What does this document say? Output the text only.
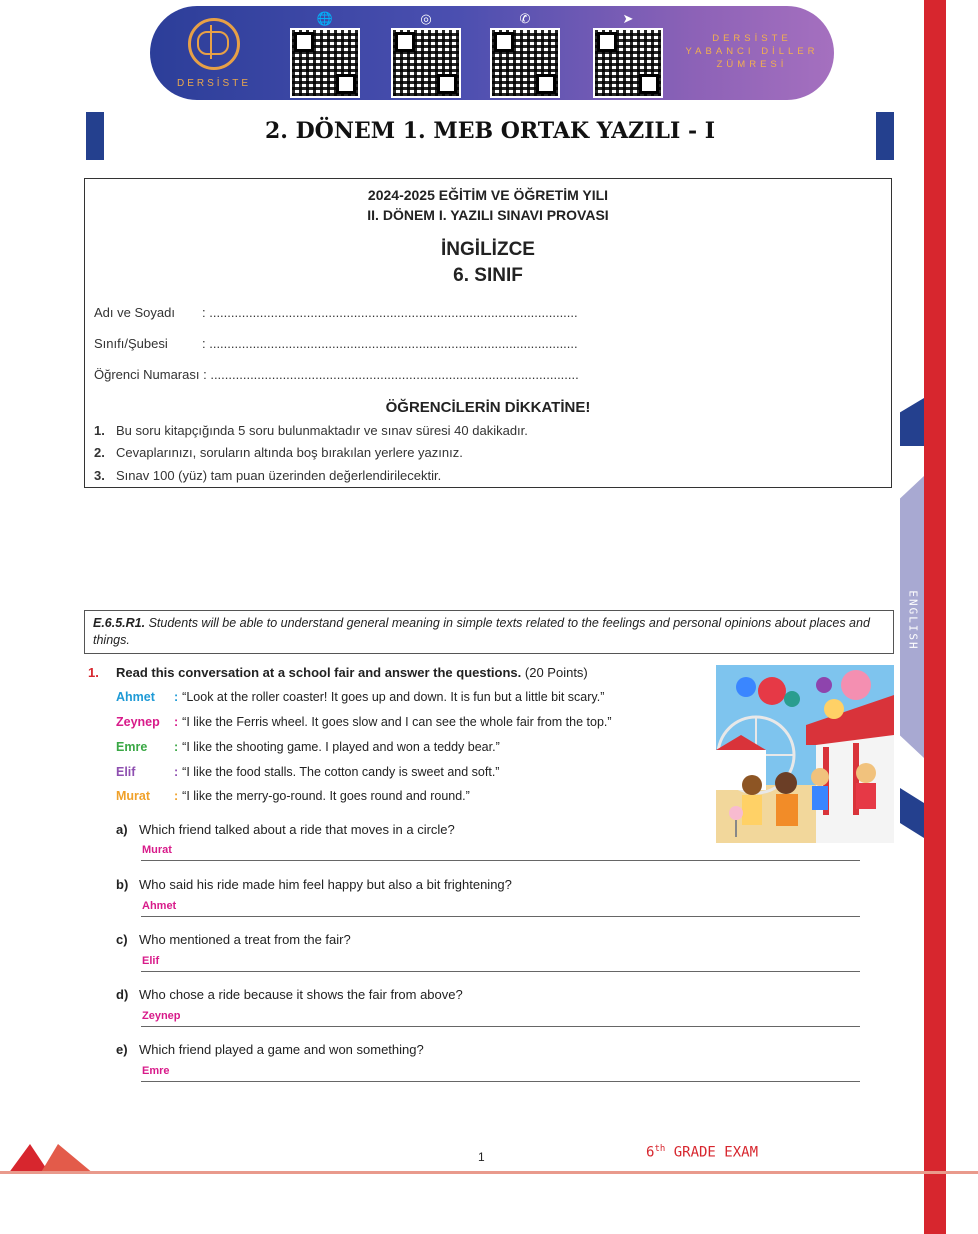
ENGLISH
DERSİSTE
🌐	◎	✆	➤
DERSİSTE
YABANCI DİLLER
ZÜMRESİ
2. DÖNEM 1. MEB ORTAK YAZILI - I
2024-2025 EĞİTİM VE ÖĞRETİM YILI
II. DÖNEM I. YAZILI SINAVI PROVASI
İNGİLİZCE
6. SINIF
Adı ve Soyadı : ......................................................................................................
Sınıfı/Şubesi	: ......................................................................................................
Öğrenci Numarası : ......................................................................................................
ÖĞRENCİLERİN DİKKATİNE!
1. Bu soru kitapçığında 5 soru bulunmaktadır ve sınav süresi 40 dakikadır.
2. Cevaplarınızı, soruların altında boş bırakılan yerlere yazınız.
3. Sınav 100 (yüz) tam puan üzerinden değerlendirilecektir.
E.6.5.R1. Students will be able to understand general meaning in simple texts related to the feelings and personal opinions about places and things.
1. Read this conversation at a school fair and answer the questions. (20 Points)
Ahmet : “Look at the roller coaster! It goes up and down. It is fun but a little bit scary.”
Zeynep : “I like the Ferris wheel. It goes slow and I can see the whole fair from the top.”
Emre : “I like the shooting game. I played and won a teddy bear.”
Elif	: “I like the food stalls. The cotton candy is sweet and soft.”
Murat : “I like the merry-go-round. It goes round and round.”
a) Which friend talked about a ride that moves in a circle?
Murat
b) Who said his ride made him feel happy but also a bit frightening?
Ahmet
c) Who mentioned a treat from the fair?
Elif
d) Who chose a ride because it shows the fair from above?
Zeynep
e) Which friend played a game and won something?
Emre
1	6th GRADE EXAM
